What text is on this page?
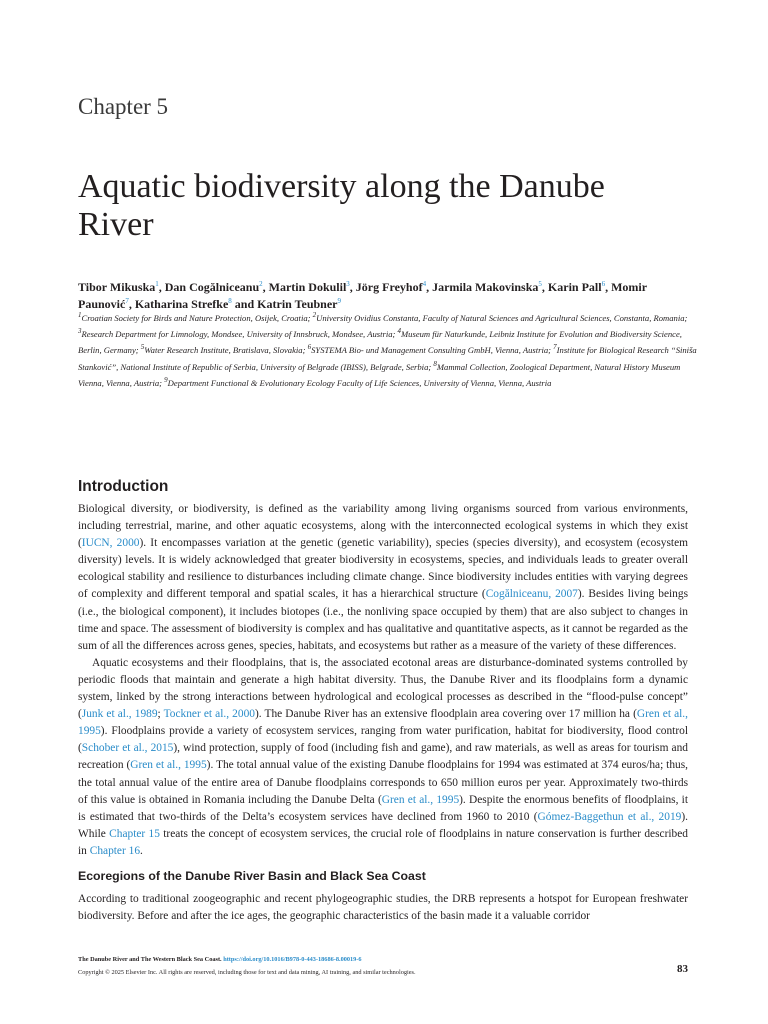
Chapter 5
Aquatic biodiversity along the Danube
River
Tibor Mikuska$^1$, Dan Cogălniceanu$^2$, Martin Dokulil$^3$, Jörg Freyhof$^4$, Jarmila Makovinska$^5$, Karin Pall$^6$, Momir Paunović$^7$, Katharina Strefke$^8$ and Katrin Teubner$^9$
$^1$Croatian Society for Birds and Nature Protection, Osijek, Croatia; $^2$University Ovidius Constanta, Faculty of Natural Sciences and Agricultural Sciences, Constanta, Romania; $^3$Research Department for Limnology, Mondsee, University of Innsbruck, Mondsee, Austria; $^4$Museum für Naturkunde, Leibniz Institute for Evolution and Biodiversity Science, Berlin, Germany; $^5$Water Research Institute, Bratislava, Slovakia; $^6$SYSTEMA Bio- und Management Consulting GmbH, Vienna, Austria; $^7$Institute for Biological Research “Siniša Stanković”, National Institute of Republic of Serbia, University of Belgrade (IBISS), Belgrade, Serbia; $^8$Mammal Collection, Zoological Department, Natural History Museum Vienna, Vienna, Austria; $^9$Department Functional & Evolutionary Ecology Faculty of Life Sciences, University of Vienna, Vienna, Austria
Introduction

Biological diversity, or biodiversity, is defined as the variability among living organisms sourced from various environments, including terrestrial, marine, and other aquatic ecosystems, along with the interconnected ecological systems in which they exist (IUCN, 2000). It encompasses variation at the genetic (genetic variability), species (species diversity), and ecosystem (ecosystem diversity) levels. It is widely acknowledged that greater biodiversity in ecosystems, species, and individuals leads to greater overall ecological stability and resilience to disturbances including climate change. Since biodiversity includes entities with varying degrees of complexity and different temporal and spatial scales, it has a hierarchical structure (Cogălniceanu, 2007). Besides living beings (i.e., the biological component), it includes biotopes (i.e., the nonliving space occupied by them) that are also subject to changes in time and space. The assessment of biodiversity is complex and has qualitative and quantitative aspects, as it cannot be regarded as the sum of all the differences across genes, species, habitats, and ecosystems but rather as a measure of the variety of these differences.

Aquatic ecosystems and their floodplains, that is, the associated ecotonal areas are disturbance-dominated systems controlled by periodic floods that maintain and generate a high habitat diversity. Thus, the Danube River and its floodplains form a dynamic system, linked by the strong interactions between hydrological and ecological processes as described in the “flood-pulse concept” (Junk et al., 1989; Tockner et al., 2000). The Danube River has an extensive floodplain area covering over 17 million ha (Gren et al., 1995). Floodplains provide a variety of ecosystem services, ranging from water purification, habitat for biodiversity, flood control (Schober et al., 2015), wind protection, supply of food (including fish and game), and raw materials, as well as areas for tourism and recreation (Gren et al., 1995). The total annual value of the existing Danube floodplains for 1994 was estimated at 374 euros/ha; thus, the total annual value of the entire area of Danube floodplains corresponds to 650 million euros per year. Approximately two-thirds of this value is obtained in Romania including the Danube Delta (Gren et al., 1995). Despite the enormous benefits of floodplains, it is estimated that two-thirds of the Delta’s ecosystem services have declined from 1960 to 2010 (Gómez-Baggethun et al., 2019). While Chapter 15 treats the concept of ecosystem services, the crucial role of floodplains in nature conservation is further described in Chapter 16.

Ecoregions of the Danube River Basin and Black Sea Coast

According to traditional zoogeographic and recent phylogeographic studies, the DRB represents a hotspot for European freshwater biodiversity. Before and after the ice ages, the geographic characteristics of the basin made it a valuable corridor

The Danube River and The Western Black Sea Coast. https://doi.org/10.1016/B978-0-443-18686-8.00019-6
Copyright © 2025 Elsevier Inc. All rights are reserved, including those for text and data mining, AI training, and similar technologies.	83
